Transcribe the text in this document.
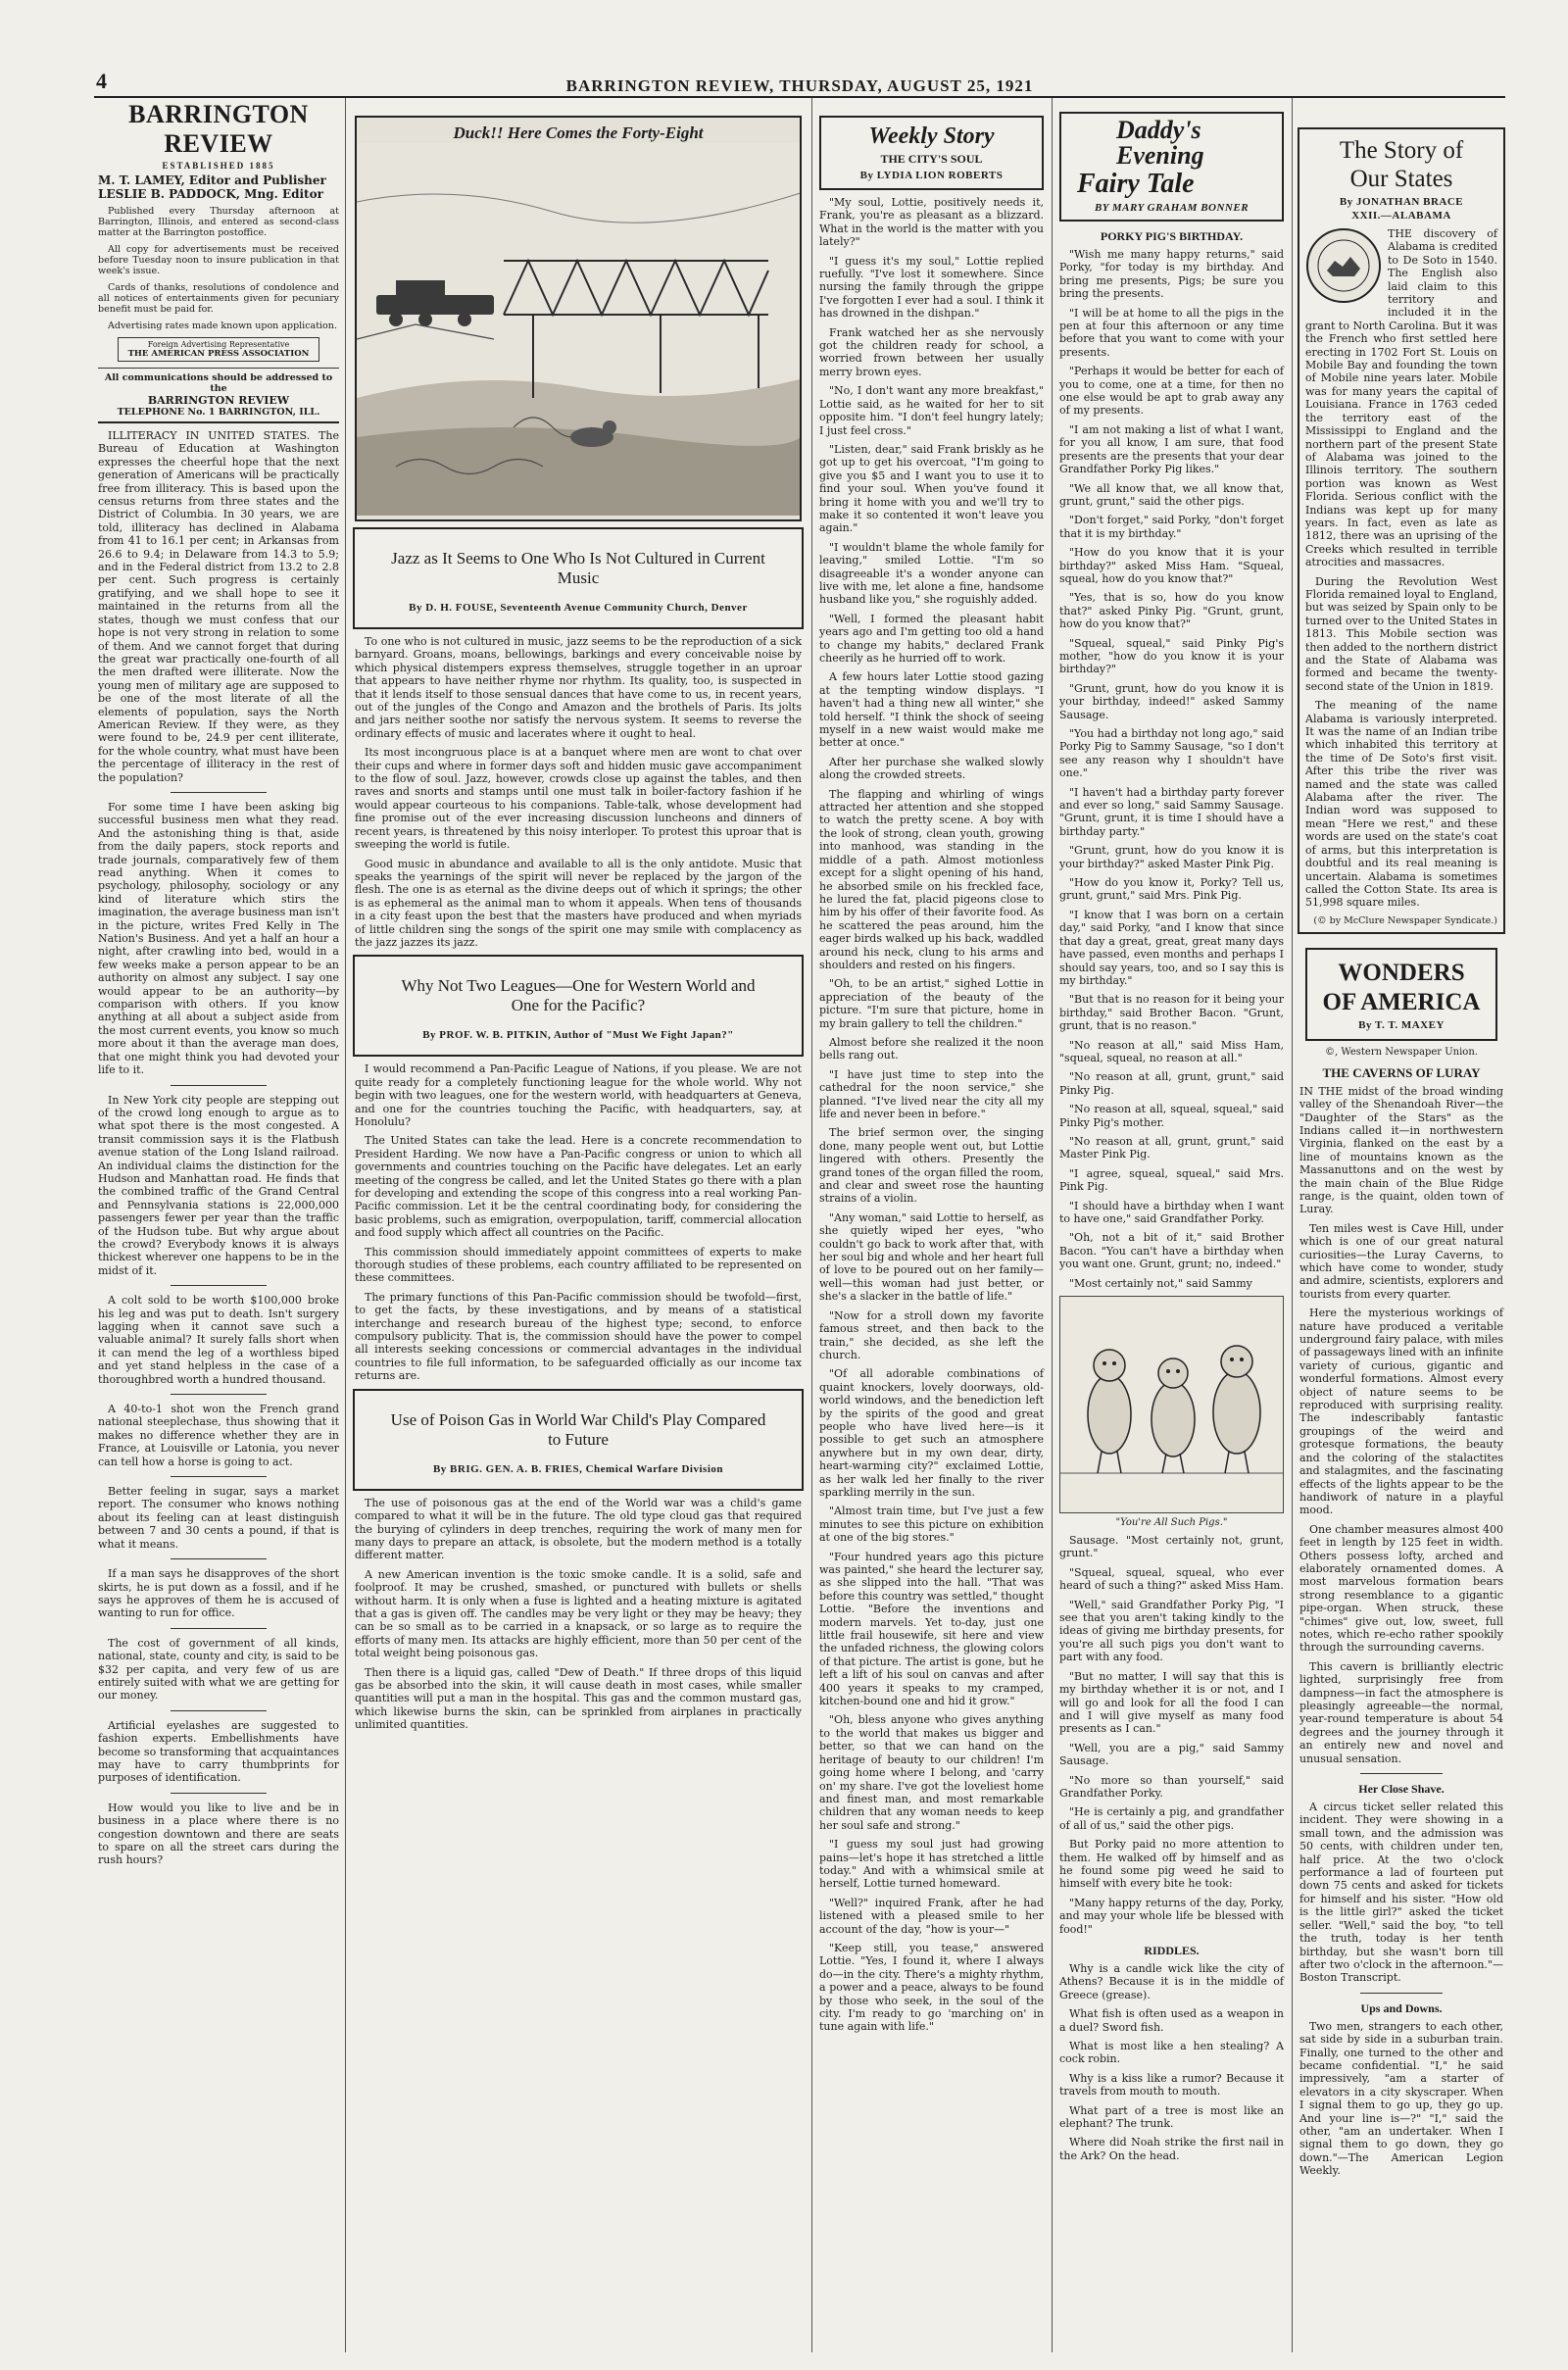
4	BARRINGTON REVIEW, THURSDAY, AUGUST 25, 1921
BARRINGTON REVIEW
ESTABLISHED 1885
M. T. LAMEY, Editor and Publisher
LESLIE B. PADDOCK, Mng. Editor

Published every Thursday afternoon at Barrington, Illinois, and entered as second-class matter at the Barrington postoffice.

All copy for advertisements must be received before Tuesday noon to insure publication in that week's issue.

Cards of thanks, resolutions of condolence and all notices of entertainments given for pecuniary benefit must be paid for.

Advertising rates made known upon application.

Foreign Advertising Representative
THE AMERICAN PRESS ASSOCIATION
All communications should be addressed to the
BARRINGTON REVIEW
TELEPHONE No. 1 BARRINGTON, ILL.

ILLITERACY IN UNITED STATES. The Bureau of Education at Washington expresses the cheerful hope that the next generation of Americans will be practically free from illiteracy. This is based upon the census returns from three states and the District of Columbia. In 30 years, we are told, illiteracy has declined in Alabama from 41 to 16.1 per cent; in Arkansas from 26.6 to 9.4; in Delaware from 14.3 to 5.9; and in the Federal district from 13.2 to 2.8 per cent. Such progress is certainly gratifying, and we shall hope to see it maintained in the returns from all the states, though we must confess that our hope is not very strong in relation to some of them. And we cannot forget that during the great war practically one-fourth of all the men drafted were illiterate. Now the young men of military age are supposed to be one of the most literate of all the elements of population, says the North American Review. If they were, as they were found to be, 24.9 per cent illiterate, for the whole country, what must have been the percentage of illiteracy in the rest of the population?

For some time I have been asking big successful business men what they read. And the astonishing thing is that, aside from the daily papers, stock reports and trade journals, comparatively few of them read anything. When it comes to psychology, philosophy, sociology or any kind of literature which stirs the imagination, the average business man isn't in the picture, writes Fred Kelly in The Nation's Business. And yet a half an hour a night, after crawling into bed, would in a few weeks make a person appear to be an authority on almost any subject. I say one would appear to be an authority—by comparison with others. If you know anything at all about a subject aside from the most current events, you know so much more about it than the average man does, that one might think you had devoted your life to it.

In New York city people are stepping out of the crowd long enough to argue as to what spot there is the most congested. A transit commission says it is the Flatbush avenue station of the Long Island railroad. An individual claims the distinction for the Hudson and Manhattan road. He finds that the combined traffic of the Grand Central and Pennsylvania stations is 22,000,000 passengers fewer per year than the traffic of the Hudson tube. But why argue about the crowd? Everybody knows it is always thickest wherever one happens to be in the midst of it.

A colt sold to be worth $100,000 broke his leg and was put to death. Isn't surgery lagging when it cannot save such a valuable animal? It surely falls short when it can mend the leg of a worthless biped and yet stand helpless in the case of a thoroughbred worth a hundred thousand.

A 40-to-1 shot won the French grand national steeplechase, thus showing that it makes no difference whether they are in France, at Louisville or Latonia, you never can tell how a horse is going to act.

Better feeling in sugar, says a market report. The consumer who knows nothing about its feeling can at least distinguish between 7 and 30 cents a pound, if that is what it means.

If a man says he disapproves of the short skirts, he is put down as a fossil, and if he says he approves of them he is accused of wanting to run for office.

The cost of government of all kinds, national, state, county and city, is said to be $32 per capita, and very few of us are entirely suited with what we are getting for our money.

Artificial eyelashes are suggested to fashion experts. Embellishments have become so transforming that acquaintances may have to carry thumbprints for purposes of identification.

How would you like to live and be in business in a place where there is no congestion downtown and there are seats to spare on all the street cars during the rush hours?

Duck!! Here Comes the Forty-Eight
Jazz as It Seems to One Who Is Not Cultured in Current Music
By D. H. FOUSE, Seventeenth Avenue Community Church, Denver

To one who is not cultured in music, jazz seems to be the reproduction of a sick barnyard. Groans, moans, bellowings, barkings and every conceivable noise by which physical distempers express themselves, struggle together in an uproar that appears to have neither rhyme nor rhythm. Its quality, too, is suspected in that it lends itself to those sensual dances that have come to us, in recent years, out of the jungles of the Congo and Amazon and the brothels of Paris. Its jolts and jars neither soothe nor satisfy the nervous system. It seems to reverse the ordinary effects of music and lacerates where it ought to heal.

Its most incongruous place is at a banquet where men are wont to chat over their cups and where in former days soft and hidden music gave accompaniment to the flow of soul. Jazz, however, crowds close up against the tables, and then raves and snorts and stamps until one must talk in boiler-factory fashion if he would appear courteous to his companions. Table-talk, whose development had fine promise out of the ever increasing discussion luncheons and dinners of recent years, is threatened by this noisy interloper. To protest this uproar that is sweeping the world is futile.

Good music in abundance and available to all is the only antidote. Music that speaks the yearnings of the spirit will never be replaced by the jargon of the flesh. The one is as eternal as the divine deeps out of which it springs; the other is as ephemeral as the animal man to whom it appeals. When tens of thousands in a city feast upon the best that the masters have produced and when myriads of little children sing the songs of the spirit one may smile with complacency as the jazz jazzes its jazz.

Why Not Two Leagues—One for Western World and One for the Pacific?
By PROF. W. B. PITKIN, Author of "Must We Fight Japan?"

I would recommend a Pan-Pacific League of Nations, if you please. We are not quite ready for a completely functioning league for the whole world. Why not begin with two leagues, one for the western world, with headquarters at Geneva, and one for the countries touching the Pacific, with headquarters, say, at Honolulu?

The United States can take the lead. Here is a concrete recommendation to President Harding. We now have a Pan-Pacific congress or union to which all governments and countries touching on the Pacific have delegates. Let an early meeting of the congress be called, and let the United States go there with a plan for developing and extending the scope of this congress into a real working Pan-Pacific commission. Let it be the central coordinating body, for considering the basic problems, such as emigration, overpopulation, tariff, commercial allocation and food supply which affect all countries on the Pacific.

This commission should immediately appoint committees of experts to make thorough studies of these problems, each country affiliated to be represented on these committees.

The primary functions of this Pan-Pacific commission should be twofold—first, to get the facts, by these investigations, and by means of a statistical interchange and research bureau of the highest type; second, to enforce compulsory publicity. That is, the commission should have the power to compel all interests seeking concessions or commercial advantages in the individual countries to file full information, to be safeguarded officially as our income tax returns are.

Use of Poison Gas in World War Child's Play Compared to Future
By BRIG. GEN. A. B. FRIES, Chemical Warfare Division

The use of poisonous gas at the end of the World war was a child's game compared to what it will be in the future. The old type cloud gas that required the burying of cylinders in deep trenches, requiring the work of many men for many days to prepare an attack, is obsolete, but the modern method is a totally different matter.

A new American invention is the toxic smoke candle. It is a solid, safe and foolproof. It may be crushed, smashed, or punctured with bullets or shells without harm. It is only when a fuse is lighted and a heating mixture is agitated that a gas is given off. The candles may be very light or they may be heavy; they can be so small as to be carried in a knapsack, or so large as to require the efforts of many men. Its attacks are highly efficient, more than 50 per cent of the total weight being poisonous gas.

Then there is a liquid gas, called "Dew of Death." If three drops of this liquid gas be absorbed into the skin, it will cause death in most cases, while smaller quantities will put a man in the hospital. This gas and the common mustard gas, which likewise burns the skin, can be sprinkled from airplanes in practically unlimited quantities.

Weekly Story
THE CITY'S SOUL
By LYDIA LION ROBERTS

"My soul, Lottie, positively needs it, Frank, you're as pleasant as a blizzard. What in the world is the matter with you lately?"

"I guess it's my soul," Lottie replied ruefully. "I've lost it somewhere. Since nursing the family through the grippe I've forgotten I ever had a soul. I think it has drowned in the dishpan."

Frank watched her as she nervously got the children ready for school, a worried frown between her usually merry brown eyes.

"No, I don't want any more breakfast," Lottie said, as he waited for her to sit opposite him. "I don't feel hungry lately; I just feel cross."

"Listen, dear," said Frank briskly as he got up to get his overcoat, "I'm going to give you $5 and I want you to use it to find your soul. When you've found it bring it home with you and we'll try to make it so contented it won't leave you again."

"I wouldn't blame the whole family for leaving," smiled Lottie. "I'm so disagreeable it's a wonder anyone can live with me, let alone a fine, handsome husband like you," she roguishly added.

"Well, I formed the pleasant habit years ago and I'm getting too old a hand to change my habits," declared Frank cheerily as he hurried off to work.

A few hours later Lottie stood gazing at the tempting window displays. "I haven't had a thing new all winter," she told herself. "I think the shock of seeing myself in a new waist would make me better at once."

After her purchase she walked slowly along the crowded streets.

The flapping and whirling of wings attracted her attention and she stopped to watch the pretty scene. A boy with the look of strong, clean youth, growing into manhood, was standing in the middle of a path. Almost motionless except for a slight opening of his hand, he absorbed smile on his freckled face, he lured the fat, placid pigeons close to him by his offer of their favorite food. As he scattered the peas around, him the eager birds walked up his back, waddled around his neck, clung to his arms and shoulders and rested on his fingers.

"Oh, to be an artist," sighed Lottie in appreciation of the beauty of the picture. "I'm sure that picture, home in my brain gallery to tell the children."

Almost before she realized it the noon bells rang out.

"I have just time to step into the cathedral for the noon service," she planned. "I've lived near the city all my life and never been in before."

The brief sermon over, the singing done, many people went out, but Lottie lingered with others. Presently the grand tones of the organ filled the room, and clear and sweet rose the haunting strains of a violin.

"Any woman," said Lottie to herself, as she quietly wiped her eyes, "who couldn't go back to work after that, with her soul big and whole and her heart full of love to be poured out on her family—well—this woman had just better, or she's a slacker in the battle of life."

"Now for a stroll down my favorite famous street, and then back to the train," she decided, as she left the church.

"Of all adorable combinations of quaint knockers, lovely doorways, old-world windows, and the benediction left by the spirits of the good and great people who have lived here—is it possible to get such an atmosphere anywhere but in my own dear, dirty, heart-warming city?" exclaimed Lottie, as her walk led her finally to the river sparkling merrily in the sun.

"Almost train time, but I've just a few minutes to see this picture on exhibition at one of the big stores."

"Four hundred years ago this picture was painted," she heard the lecturer say, as she slipped into the hall. "That was before this country was settled," thought Lottie. "Before the inventions and modern marvels. Yet to-day, just one little frail housewife, sit here and view the unfaded richness, the glowing colors of that picture. The artist is gone, but he left a lift of his soul on canvas and after 400 years it speaks to my cramped, kitchen-bound one and hid it grow."

"Oh, bless anyone who gives anything to the world that makes us bigger and better, so that we can hand on the heritage of beauty to our children! I'm going home where I belong, and 'carry on' my share. I've got the loveliest home and finest man, and most remarkable children that any woman needs to keep her soul safe and strong."

"I guess my soul just had growing pains—let's hope it has stretched a little today." And with a whimsical smile at herself, Lottie turned homeward.

"Well?" inquired Frank, after he had listened with a pleased smile to her account of the day, "how is your—"

"Keep still, you tease," answered Lottie. "Yes, I found it, where I always do—in the city. There's a mighty rhythm, a power and a peace, always to be found by those who seek, in the soul of the city. I'm ready to go 'marching on' in tune again with life."

Daddy's
Evening
Fairy Tale
BY MARY GRAHAM BONNER
PORKY PIG'S BIRTHDAY.

"Wish me many happy returns," said Porky, "for today is my birthday. And bring me presents, Pigs; be sure you bring the presents.

"I will be at home to all the pigs in the pen at four this afternoon or any time before that you want to come with your presents.

"Perhaps it would be better for each of you to come, one at a time, for then no one else would be apt to grab away any of my presents.

"I am not making a list of what I want, for you all know, I am sure, that food presents are the presents that your dear Grandfather Porky Pig likes."

"We all know that, we all know that, grunt, grunt," said the other pigs.

"Don't forget," said Porky, "don't forget that it is my birthday."

"How do you know that it is your birthday?" asked Miss Ham. "Squeal, squeal, how do you know that?"

"Yes, that is so, how do you know that?" asked Pinky Pig. "Grunt, grunt, how do you know that?"

"Squeal, squeal," said Pinky Pig's mother, "how do you know it is your birthday?"

"Grunt, grunt, how do you know it is your birthday, indeed!" asked Sammy Sausage.

"You had a birthday not long ago," said Porky Pig to Sammy Sausage, "so I don't see any reason why I shouldn't have one."

"I haven't had a birthday party forever and ever so long," said Sammy Sausage. "Grunt, grunt, it is time I should have a birthday party."

"Grunt, grunt, how do you know it is your birthday?" asked Master Pink Pig.

"How do you know it, Porky? Tell us, grunt, grunt," said Mrs. Pink Pig.

"I know that I was born on a certain day," said Porky, "and I know that since that day a great, great, great many days have passed, even months and perhaps I should say years, too, and so I say this is my birthday."

"But that is no reason for it being your birthday," said Brother Bacon. "Grunt, grunt, that is no reason."

"No reason at all," said Miss Ham, "squeal, squeal, no reason at all."

"No reason at all, grunt, grunt," said Pinky Pig.

"No reason at all, squeal, squeal," said Pinky Pig's mother.

"No reason at all, grunt, grunt," said Master Pink Pig.

"I agree, squeal, squeal," said Mrs. Pink Pig.

"I should have a birthday when I want to have one," said Grandfather Porky.

"Oh, not a bit of it," said Brother Bacon. "You can't have a birthday when you want one. Grunt, grunt; no, indeed."

"Most certainly not," said Sammy

"You're All Such Pigs."

Sausage. "Most certainly not, grunt, grunt."

"Squeal, squeal, squeal, who ever heard of such a thing?" asked Miss Ham.

"Well," said Grandfather Porky Pig, "I see that you aren't taking kindly to the ideas of giving me birthday presents, for you're all such pigs you don't want to part with any food.

"But no matter, I will say that this is my birthday whether it is or not, and I will go and look for all the food I can and I will give myself as many food presents as I can."

"Well, you are a pig," said Sammy Sausage.

"No more so than yourself," said Grandfather Porky.

"He is certainly a pig, and grandfather of all of us," said the other pigs.

But Porky paid no more attention to them. He walked off by himself and as he found some pig weed he said to himself with every bite he took:

"Many happy returns of the day, Porky, and may your whole life be blessed with food!"

RIDDLES.

Why is a candle wick like the city of Athens? Because it is in the middle of Greece (grease).

What fish is often used as a weapon in a duel? Sword fish.

What is most like a hen stealing? A cock robin.

Why is a kiss like a rumor? Because it travels from mouth to mouth.

What part of a tree is most like an elephant? The trunk.

Where did Noah strike the first nail in the Ark? On the head.

The Story of
Our States
By JONATHAN BRACE
XXII.—ALABAMA

THE discovery of Alabama is credited to De Soto in 1540. The English also laid claim to this territory and included it in the grant to North Carolina. But it was the French who first settled here erecting in 1702 Fort St. Louis on Mobile Bay and founding the town of Mobile nine years later. Mobile was for many years the capital of Louisiana. France in 1763 ceded the territory east of the Mississippi to England and the northern part of the present State of Alabama was joined to the Illinois territory. The southern portion was known as West Florida. Serious conflict with the Indians was kept up for many years. In fact, even as late as 1812, there was an uprising of the Creeks which resulted in terrible atrocities and massacres.

During the Revolution West Florida remained loyal to England, but was seized by Spain only to be turned over to the United States in 1813. This Mobile section was then added to the northern district and the State of Alabama was formed and became the twenty-second state of the Union in 1819.

The meaning of the name Alabama is variously interpreted. It was the name of an Indian tribe which inhabited this territory at the time of De Soto's first visit. After this tribe the river was named and the state was called Alabama after the river. The Indian word was supposed to mean "Here we rest," and these words are used on the state's coat of arms, but this interpretation is doubtful and its real meaning is uncertain. Alabama is sometimes called the Cotton State. Its area is 51,998 square miles.

(© by McClure Newspaper Syndicate.)
WONDERS
OF AMERICA
By T. T. MAXEY
©, Western Newspaper Union.
THE CAVERNS OF LURAY

IN THE midst of the broad winding valley of the Shenandoah River—the "Daughter of the Stars" as the Indians called it—in northwestern Virginia, flanked on the east by a line of mountains known as the Massanuttons and on the west by the main chain of the Blue Ridge range, is the quaint, olden town of Luray.

Ten miles west is Cave Hill, under which is one of our great natural curiosities—the Luray Caverns, to which have come to wonder, study and admire, scientists, explorers and tourists from every quarter.

Here the mysterious workings of nature have produced a veritable underground fairy palace, with miles of passageways lined with an infinite variety of curious, gigantic and wonderful formations. Almost every object of nature seems to be reproduced with surprising reality. The indescribably fantastic groupings of the weird and grotesque formations, the beauty and the coloring of the stalactites and stalagmites, and the fascinating effects of the lights appear to be the handiwork of nature in a playful mood.

One chamber measures almost 400 feet in length by 125 feet in width. Others possess lofty, arched and elaborately ornamented domes. A most marvelous formation bears strong resemblance to a gigantic pipe-organ. When struck, these "chimes" give out, low, sweet, full notes, which re-echo rather spookily through the surrounding caverns.

This cavern is brilliantly electric lighted, surprisingly free from dampness—in fact the atmosphere is pleasingly agreeable—the normal, year-round temperature is about 54 degrees and the journey through it an entirely new and novel and unusual sensation.

Her Close Shave.

A circus ticket seller related this incident. They were showing in a small town, and the admission was 50 cents, with children under ten, half price. At the two o'clock performance a lad of fourteen put down 75 cents and asked for tickets for himself and his sister. "How old is the little girl?" asked the ticket seller. "Well," said the boy, "to tell the truth, today is her tenth birthday, but she wasn't born till after two o'clock in the afternoon."—Boston Transcript.

Ups and Downs.

Two men, strangers to each other, sat side by side in a suburban train. Finally, one turned to the other and became confidential. "I," he said impressively, "am a starter of elevators in a city skyscraper. When I signal them to go up, they go up. And your line is—?" "I," said the other, "am an undertaker. When I signal them to go down, they go down."—The American Legion Weekly.
